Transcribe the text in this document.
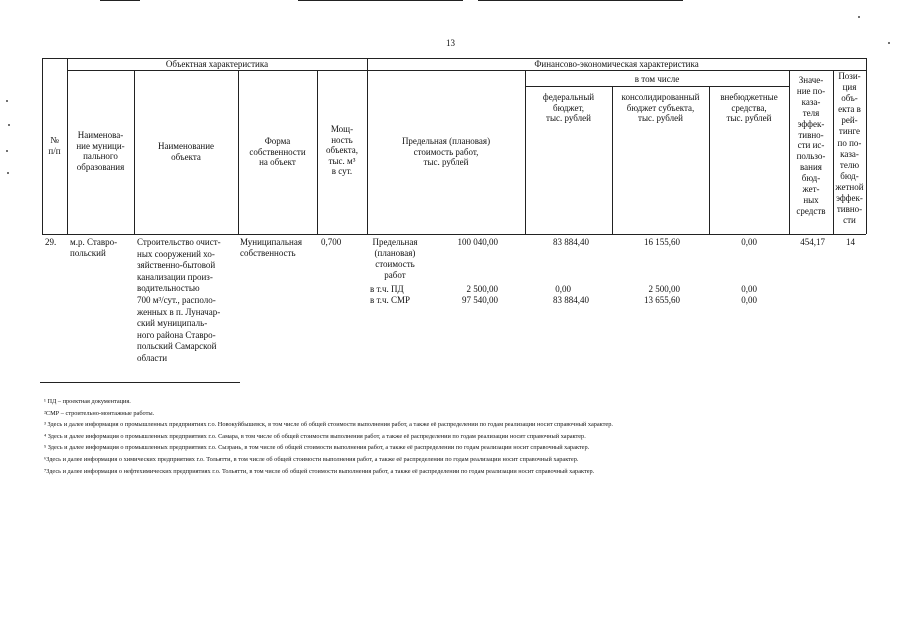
13
Объектная характеристика	Финансово-экономическая характеристика
в том числе
№
п/п
Наименова-
ние муници-
пального
образования
Наименование
объекта
Форма
собственности
на объект
Мощ-
ность
объекта,
тыс. м³
в сут.
Предельная (плановая)
стоимость работ,
тыс. рублей
федеральный
бюджет,
тыс. рублей
консолидированный
бюджет субъекта,
тыс. рублей
внебюджетные
средства,
тыс. рублей
Значе-
ние по-
каза-
теля
эффек-
тивно-
сти ис-
пользо-
вания
бюд-
жет-
ных
средств
Пози-
ция
объ-
екта в
рей-
тинге
по по-
каза-
телю
бюд-
жетной
эффек-
тивно-
сти
29. м.р. Ставро-
польский
Строительство очист-
ных сооружений хо-
зяйственно-бытовой
канализации произ-
водительностью
700 м³/сут., располо-
женных в п. Луначар-
ский муниципаль-
ного района Ставро-
польский Самарской
области
Муниципальная
собственность
0,700	Предельная
(плановая)
стоимость
работ
в т.ч. ПД
в т.ч. СМР
100 040,00
2 500,00
97 540,00
83 884,40
0,00
83 884,40
16 155,60
2 500,00
13 655,60
0,00
0,00
0,00
454,17 14
¹ ПД – проектная документация.
²СМР – строительно-монтажные работы.
³ Здесь и далее информация о промышленных предприятиях г.о. Новокуйбышевск, в том числе об общей стоимости выполнения работ, а также её распределении по годам реализации носит справочный характер.
⁴ Здесь и далее информация о промышленных предприятиях г.о. Самара, в том числе об общей стоимости выполнения работ, а также её распределении по годам реализации носит справочный характер.
⁵ Здесь и далее информация о промышленных предприятиях г.о. Сызрань, в том числе об общей стоимости выполнения работ, а также её распределении по годам реализации носит справочный характер.
⁶Здесь и далее информация о химических предприятиях г.о. Тольятти, в том числе об общей стоимости выполнения работ, а также её распределении по годам реализации носит справочный характер.
⁷Здесь и далее информация о нефтехимических предприятиях г.о. Тольятти, в том числе об общей стоимости выполнения работ, а также её распределении по годам реализации носит справочный характер.
